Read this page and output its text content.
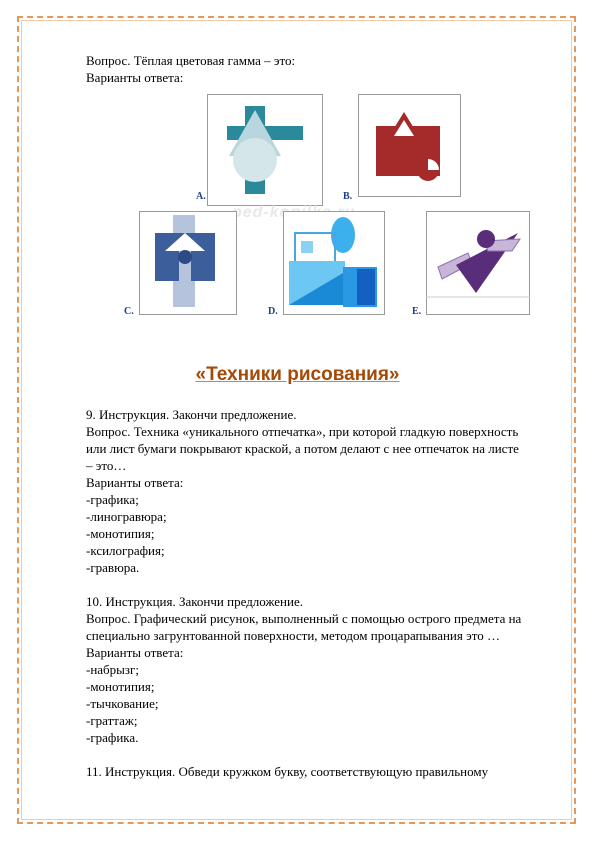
Вопрос. Тёплая цветовая гамма – это:
Варианты ответа:
A.	B.
C.	D.	E.
«Техники рисования»
9. Инструкция. Закончи предложение.
Вопрос. Техника «уникального отпечатка», при которой гладкую поверхность
или лист бумаги покрывают краской, а потом делают с нее отпечаток на листе
– это…
Варианты ответа:
-графика;
-линогравюра;
-монотипия;
-ксилография;
-гравюра.
10. Инструкция. Закончи предложение.
Вопрос. Графический рисунок, выполненный с помощью острого предмета на
специально загрунтованной поверхности, методом процарапывания это …
Варианты ответа:
-набрызг;
-монотипия;
-тычкование;
-граттаж;
-графика.
11. Инструкция. Обведи кружком букву, соответствующую правильному
